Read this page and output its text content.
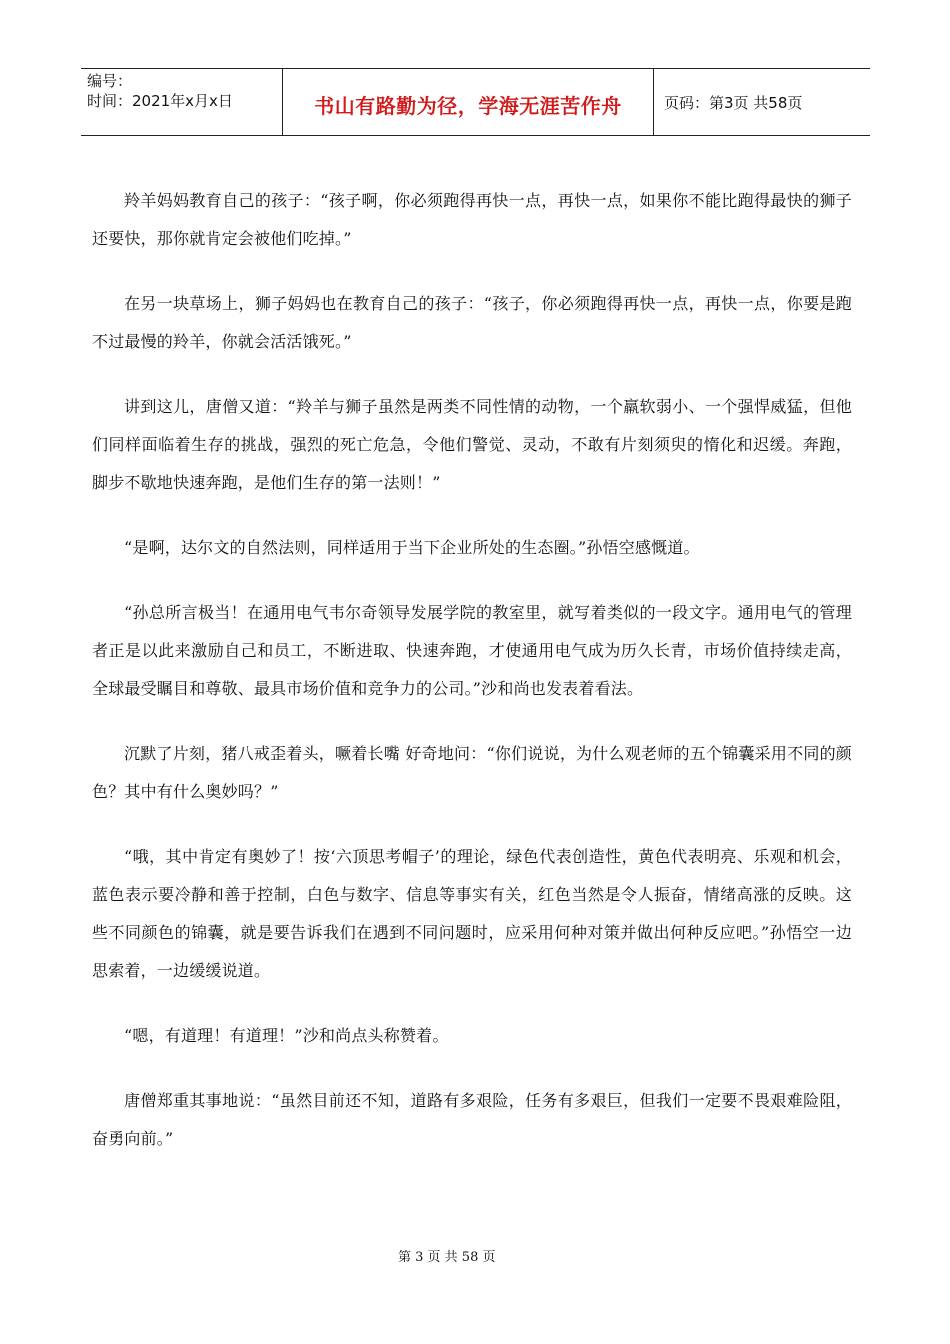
编号：
时间：2021年x月x日	书山有路勤为径，学海无涯苦作舟	页码：第3页 共58页

羚羊妈妈教育自己的孩子：“孩子啊，你必须跑得再快一点，再快一点，如果你不能比跑得最快的狮子还要快，那你就肯定会被他们吃掉。”

在另一块草场上，狮子妈妈也在教育自己的孩子：“孩子，你必须跑得再快一点，再快一点，你要是跑不过最慢的羚羊，你就会活活饿死。”

讲到这儿，唐僧又道：“羚羊与狮子虽然是两类不同性情的动物，一个羸软弱小、一个强悍威猛，但他们同样面临着生存的挑战，强烈的死亡危急，令他们警觉、灵动，不敢有片刻须臾的惰化和迟缓。奔跑，脚步不歇地快速奔跑，是他们生存的第一法则！”

“是啊，达尔文的自然法则，同样适用于当下企业所处的生态圈。”孙悟空感慨道。

“孙总所言极当！在通用电气韦尔奇领导发展学院的教室里，就写着类似的一段文字。通用电气的管理者正是以此来激励自己和员工，不断进取、快速奔跑，才使通用电气成为历久长青，市场价值持续走高，全球最受瞩目和尊敬、最具市场价值和竞争力的公司。”沙和尚也发表着看法。

沉默了片刻，猪八戒歪着头，噘着长嘴 好奇地问：“你们说说，为什么观老师的五个锦囊采用不同的颜色？其中有什么奥妙吗？”

“哦，其中肯定有奥妙了！按‘六顶思考帽子’的理论，绿色代表创造性，黄色代表明亮、乐观和机会，蓝色表示要冷静和善于控制，白色与数字、信息等事实有关，红色当然是令人振奋，情绪高涨的反映。这些不同颜色的锦囊，就是要告诉我们在遇到不同问题时，应采用何种对策并做出何种反应吧。”孙悟空一边思索着，一边缓缓说道。

“嗯，有道理！有道理！”沙和尚点头称赞着。

唐僧郑重其事地说：“虽然目前还不知，道路有多艰险，任务有多艰巨，但我们一定要不畏艰难险阻，奋勇向前。”

第 3 页 共 58 页
